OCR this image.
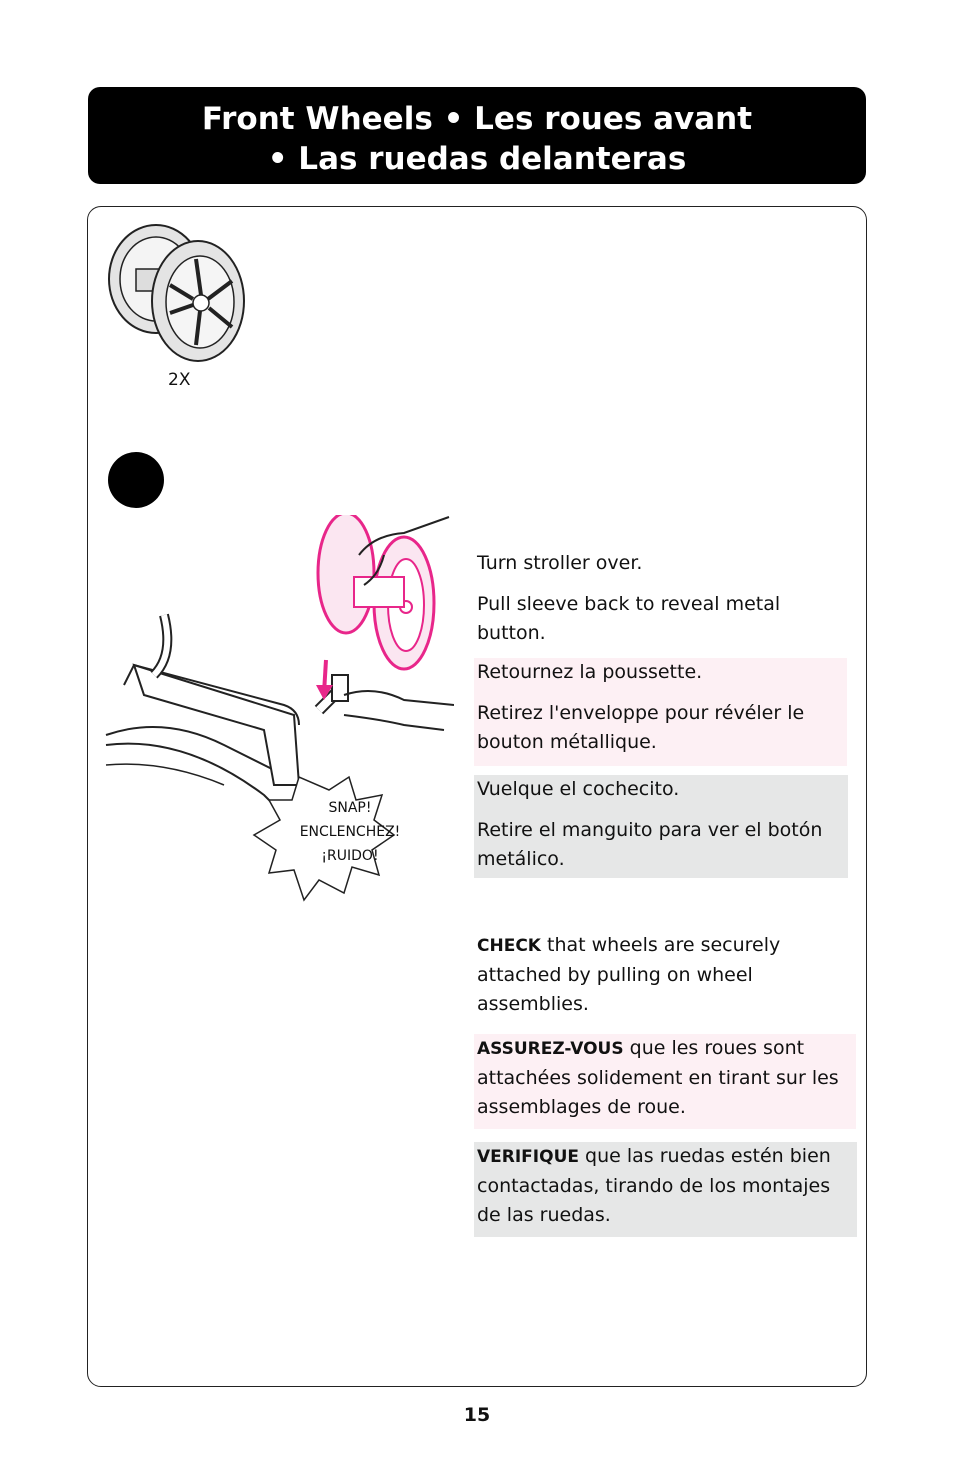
Front Wheels • Les roues avant
• Las ruedas delanteras
2X
SNAP!
ENCLENCHEZ!
¡RUIDO!

Turn stroller over.

Pull sleeve back to reveal metal button.

Retournez la poussette.

Retirez l'enveloppe pour révéler le bouton métallique.

Vuelque el cochecito.

Retire el manguito para ver el botón metálico.

CHECK that wheels are securely attached by pulling on wheel assemblies.

ASSUREZ-VOUS que les roues sont attachées solidement en tirant sur les assemblages de roue.

VERIFIQUE que las ruedas estén bien contactadas, tirando de los montajes de las ruedas.

15
